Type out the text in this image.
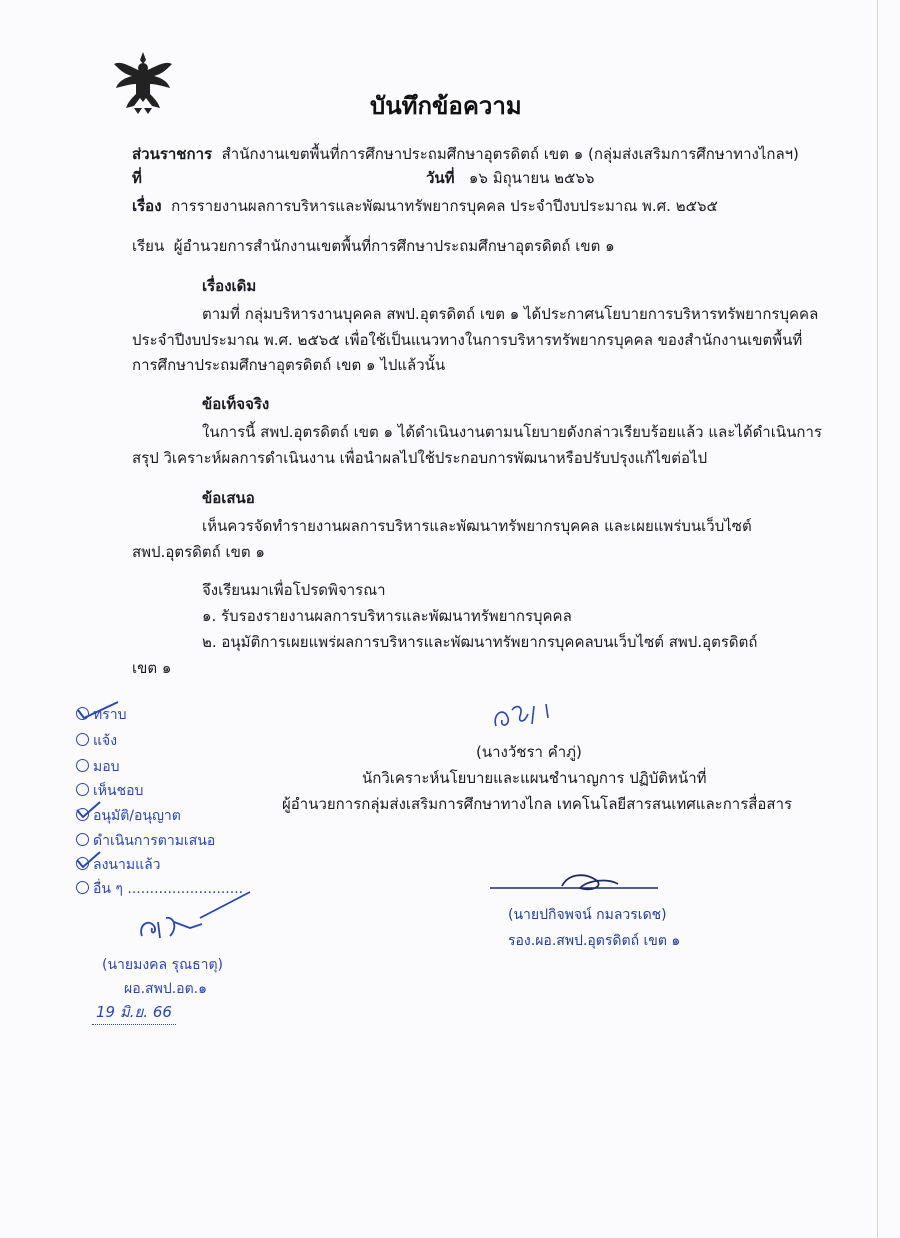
บันทึกข้อความ
ส่วนราชการ สำนักงานเขตพื้นที่การศึกษาประถมศึกษาอุตรดิตถ์ เขต ๑ (กลุ่มส่งเสริมการศึกษาทางไกลฯ)
ที่	วันที่ ๑๖ มิถุนายน ๒๕๖๖
เรื่อง การรายงานผลการบริหารและพัฒนาทรัพยากรบุคคล ประจำปีงบประมาณ พ.ศ. ๒๕๖๕
เรียน ผู้อำนวยการสำนักงานเขตพื้นที่การศึกษาประถมศึกษาอุตรดิตถ์ เขต ๑
เรื่องเดิม
ตามที่ กลุ่มบริหารงานบุคคล สพป.อุตรดิตถ์ เขต ๑ ได้ประกาศนโยบายการบริหารทรัพยากรบุคคล
ประจำปีงบประมาณ พ.ศ. ๒๕๖๕ เพื่อใช้เป็นแนวทางในการบริหารทรัพยากรบุคคล ของสำนักงานเขตพื้นที่
การศึกษาประถมศึกษาอุตรดิตถ์ เขต ๑ ไปแล้วนั้น
ข้อเท็จจริง
ในการนี้ สพป.อุตรดิตถ์ เขต ๑ ได้ดำเนินงานตามนโยบายดังกล่าวเรียบร้อยแล้ว และได้ดำเนินการ
สรุป วิเคราะห์ผลการดำเนินงาน เพื่อนำผลไปใช้ประกอบการพัฒนาหรือปรับปรุงแก้ไขต่อไป
ข้อเสนอ
เห็นควรจัดทำรายงานผลการบริหารและพัฒนาทรัพยากรบุคคล และเผยแพร่บนเว็บไซต์
สพป.อุตรดิตถ์ เขต ๑
จึงเรียนมาเพื่อโปรดพิจารณา
๑. รับรองรายงานผลการบริหารและพัฒนาทรัพยากรบุคคล
๒. อนุมัติการเผยแพร่ผลการบริหารและพัฒนาทรัพยากรบุคคลบนเว็บไซต์ สพป.อุตรดิตถ์
เขต ๑
(นางวัชรา คำภู่)
นักวิเคราะห์นโยบายและแผนชำนาญการ ปฏิบัติหน้าที่
ผู้อำนวยการกลุ่มส่งเสริมการศึกษาทางไกล เทคโนโลยีสารสนเทศและการสื่อสาร
ทราบ
แจ้ง
มอบ
เห็นชอบ
อนุมัติ/อนุญาต
ดำเนินการตามเสนอ
ลงนามแล้ว
อื่น ๆ ..........................
(นายมงคล รุณธาตุ)
ผอ.สพป.อต.๑
19 มิ.ย. 66
(นายปกิจพจน์ กมลวรเดช)
รอง.ผอ.สพป.อุตรดิตถ์ เขต ๑
